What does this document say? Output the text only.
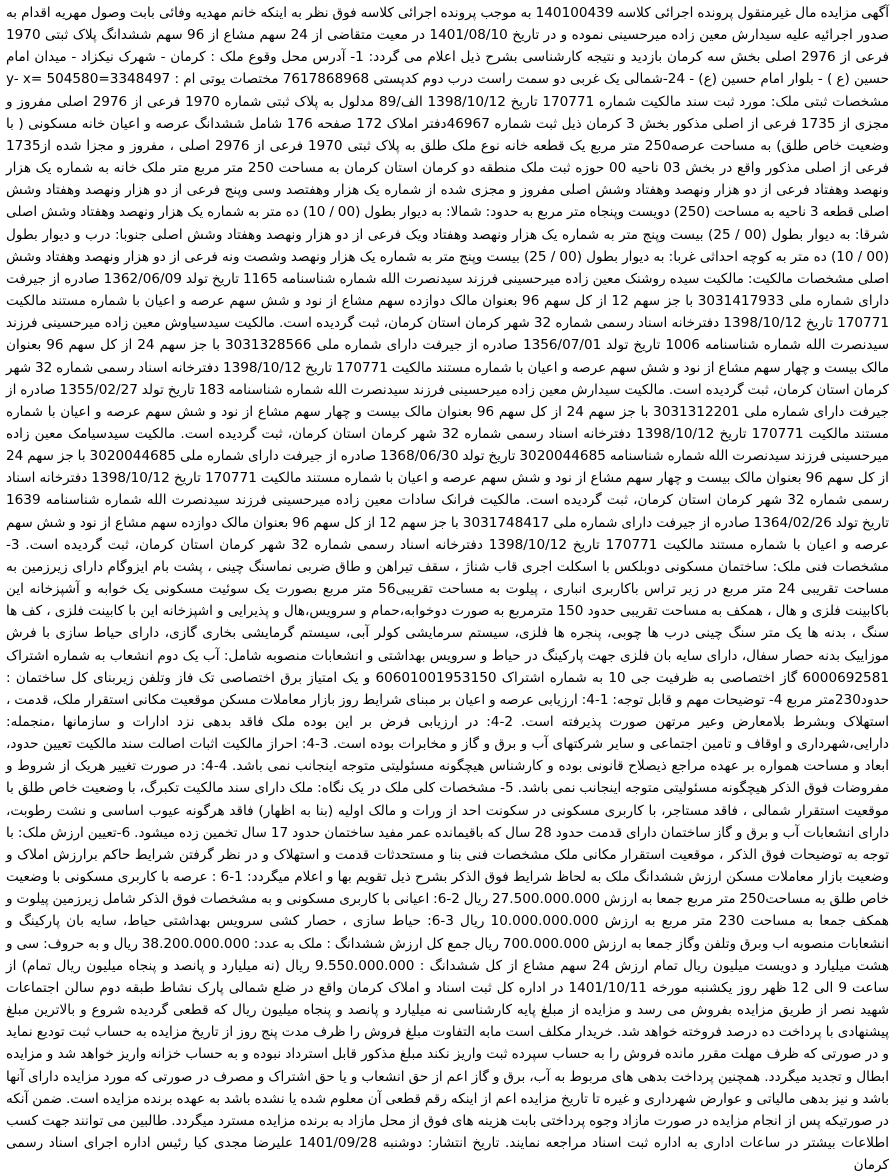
آگهی مزایده مال غیرمنقول پرونده اجرائی کلاسه 140100439 به موجب پرونده اجرائی کلاسه فوق نظر به اینکه خانم مهدیه وفائی بابت وصول مهریه اقدام به صدور اجرائیه علیه سیدارش معین زاده میرحسینی نموده و در تاریخ 1401/08/10 در معیت متقاضی از 24 سهم مشاع از 96 سهم ششدانگ پلاک ثبتی 1970 فرعی از 2976 اصلی بخش سه کرمان بازدید و نتیجه کارشناسی بشرح ذیل اعلام می گردد: 1- آدرس محل وقوع ملک : کرمان - شهرک نیکزاد - میدان امام حسین (ع ) - بلوار امام حسین (ع) - 24-شمالی یک غربی دو سمت راست درب دوم کدپستی 7617868968 مختصات یوتی ام : 3348497=y- x= 504580 مشخصات ثبتی ملک: مورد ثبت سند مالکیت شماره 170771 تاریخ 1398/10/12 الف/89 مدلول به پلاک ثبتی شماره 1970 فرعی از 2976 اصلی مفروز و مجزی از 1735 فرعی از اصلی مذکور بخش 3 کرمان ذیل ثبت شماره 46967دفتر املاک 172 صفحه 176 شامل ششدانگ عرصه و اعیان خانه مسکونی ( با وضعیت خاص طلق) به مساحت عرصه250 متر مربع یک قطعه خانه نوع ملک طلق به پلاک ثبتی 1970 فرعی از 2976 اصلی ، مفروز و مجزا شده از1735 فرعی از اصلی مذکور واقع در بخش 03 ناحیه 00 حوزه ثبت ملک منطقه دو کرمان استان کرمان به مساحت 250 متر مربع متر ملک خانه به شماره یک هزار ونهصد وهفتاد فرعی از دو هزار ونهصد وهفتاد وشش اصلی مفروز و مجزی شده از شماره یک هزار وهفتصد وسی وپنج فرعی از دو هزار ونهصد وهفتاد وشش اصلی قطعه 3 ناحیه به مساحت (250) دویست وپنجاه متر مربع به حدود: شمالا: به دیوار بطول (00 / 10) ده متر به شماره یک هزار ونهصد وهفتاد وشش اصلی شرقا: به دیوار بطول (00 / 25) بیست وپنج متر به شماره یک هزار ونهصد وهفتاد ویک فرعی از دو هزار ونهصد وهفتاد وشش اصلی جنوبا: درب و دیوار بطول (00 / 10) ده متر به کوچه احداثی غربا: به دیوار بطول (00 / 25) بیست وپنج متر به شماره یک هزار ونهصد وشصت ونه فرعی از دو هزار ونهصد وهفتاد وشش اصلی مشخصات مالکیت: مالکیت سیده روشنک معین زاده میرحسینی فرزند سیدنصرت الله شماره شناسنامه 1165 تاریخ تولد 1362/06/09 صادره از جیرفت دارای شماره ملی 3031417933 با جز سهم 12 از کل سهم 96 بعنوان مالک دوازده سهم مشاع از نود و شش سهم عرصه و اعیان با شماره مستند مالکیت 170771 تاریخ 1398/10/12 دفترخانه اسناد رسمی شماره 32 شهر کرمان استان کرمان، ثبت گردیده است. مالکیت سیدسیاوش معین زاده میرحسینی فرزند سیدنصرت الله شماره شناسنامه 1006 تاریخ تولد 1356/07/01 صادره از جیرفت دارای شماره ملی 3031328566 با جز سهم 24 از کل سهم 96 بعنوان مالک بیست و چهار سهم مشاع از نود و شش سهم عرصه و اعیان با شماره مستند مالکیت 170771 تاریخ 1398/10/12 دفترخانه اسناد رسمی شماره 32 شهر کرمان استان کرمان، ثبت گردیده است. مالکیت سیدارش معین زاده میرحسینی فرزند سیدنصرت الله شماره شناسنامه 183 تاریخ تولد 1355/02/27 صادره از جیرفت دارای شماره ملی 3031312201 با جز سهم 24 از کل سهم 96 بعنوان مالک بیست و چهار سهم مشاع از نود و شش سهم عرصه و اعیان با شماره مستند مالکیت 170771 تاریخ 1398/10/12 دفترخانه اسناد رسمی شماره 32 شهر کرمان استان کرمان، ثبت گردیده است. مالکیت سیدسیامک معین زاده میرحسینی فرزند سیدنصرت الله شماره شناسنامه 3020044685 تاریخ تولد 1368/06/30 صادره از جیرفت دارای شماره ملی 3020044685 با جز سهم 24 از کل سهم 96 بعنوان مالک بیست و چهار سهم مشاع از نود و شش سهم عرصه و اعیان با شماره مستند مالکیت 170771 تاریخ 1398/10/12 دفترخانه اسناد رسمی شماره 32 شهر کرمان استان کرمان، ثبت گردیده است. مالکیت فرانک سادات معین زاده میرحسینی فرزند سیدنصرت الله شماره شناسنامه 1639 تاریخ تولد 1364/02/26 صادره از جیرفت دارای شماره ملی 3031748417 با جز سهم 12 از کل سهم 96 بعنوان مالک دوازده سهم مشاع از نود و شش سهم عرصه و اعیان با شماره مستند مالکیت 170771 تاریخ 1398/10/12 دفترخانه اسناد رسمی شماره 32 شهر کرمان استان کرمان، ثبت گردیده است. 3- مشخصات فنی ملک: ساختمان مسکونی دوبلکس با اسکلت اجری قاب شناژ ، سقف تیراهن و طاق ضربی نماسنگ چینی ، پشت بام ایزوگام دارای زیرزمین به مساحت تقریبی 24 متر مربع در زیر تراس باکاربری انباری ، پیلوت به مساحت تقریبی56 متر مربع بصورت یک سوئیت مسکونی یک خوابه و آشپزخانه این باکابینت فلزی و هال ، همکف به مساحت تقریبی حدود 150 مترمربع به صورت دوخوابه،حمام و سرویس،هال و پذیرایی و اشپزخانه این با کابینت فلزی ، کف ها سنگ ، بدنه ها یک متر سنگ چینی درب ها چوبی، پنجره ها فلزی، سیستم سرمایشی کولر آبی، سیستم گرمایشی بخاری گازی، دارای حیاط سازی با فرش موزاییک بدنه حصار سفال، دارای سایه بان فلزی جهت پارکینگ در حیاط و سرویس بهداشتی و انشعابات منصوبه شامل: آب یک دوم انشعاب به شماره اشتراک 6000692581 گاز اختصاصی به ظرفیت جی 10 به شماره اشتراک 60601001953150 و یک امتیاز برق اختصاصی تک فاز وتلفن زیربنای کل ساختمان : حدود230متر مربع 4- توضیحات مهم و قابل توجه: 1-4: ارزیابی عرصه و اعیان بر مبنای شرایط روز بازار معاملات مسکن موقعیت مکانی استقرار ملک، قدمت ، استهلاک وبشرط بلامعارض وعیر مرتهن صورت پذیرفته است. 2-4: در ارزیابی فرض بر این بوده ملک فاقد بدهی نزد ادارات و سازمانها ،منجمله: دارایی،شهرداری و اوقاف و تامین اجتماعی و سایر شرکتهای آب و برق و گاز و مخابرات بوده است. 3-4: احراز مالکیت اثبات اصالت سند مالکیت تعیین حدود، ابعاد و مساحت همواره بر عهده مراجع ذیصلاح قانونی بوده و کارشناس هیچگونه مسئولیتی متوجه اینجانب نمی باشد. 4-4: در صورت تغییر هریک از شروط و مفروضات فوق الذکر هیچگونه مسئولیتی متوجه اینجانب نمی باشد. 5- مشخصات کلی ملک در یک نگاه: ملک دارای سند مالکیت تکبرگ، با وضعیت خاص طلق با موقعیت استقرار شمالی ، فاقد مستاجر، با کاربری مسکونی در سکونت احد از ورات و مالک اولیه (بنا به اظهار) فاقد هرگونه عیوب اساسی و نشت رطوبت، دارای انشعابات آب و برق و گاز ساختمان دارای قدمت حدود 28 سال که باقیمانده عمر مفید ساختمان حدود 17 سال تخمین زده میشود. 6-تعیین ارزش ملک: با توجه به توضیحات فوق الذکر ، موقعیت استقرار مکانی ملک مشخصات فنی بنا و مستحدثات قدمت و استهلاک و در نظر گرفتن شرایط حاکم برارزش املاک و وضعیت بازار معاملات مسکن ارزش ششدانگ ملک به لحاظ شرایط فوق الذکر بشرح ذیل تقویم بها و اعلام میگردد: 1-6 : عرصه با کاربری مسکونی با وضعیت خاص طلق به مساحت250 متر مربع جمعا به ارزش 27.500.000.000 ریال 2-6: اعیانی با کاربری مسکونی و به مشخصات فوق الذکر شامل زیرزمین پیلوت و همکف جمعا به مساحت 230 متر مربع به ارزش 10.000.000.000 ریال 3-6: حیاط سازی ، حصار کشی سرویس بهداشتی حیاط، سایه بان پارکینگ و انشعابات منصوبه اب وبرق وتلفن وگاز جمعا به ارزش 700.000.000 ریال جمع کل ارزش ششدانگ : ملک به عدد: 38.200.000.000 ریال و به حروف: سی و هشت میلیارد و دویست میلیون ریال تمام ارزش 24 سهم مشاع از کل ششدانگ : 9.550.000.000 ریال (نه میلیارد و پانصد و پنجاه میلیون ریال تمام) از ساعت 9 الی 12 ظهر روز یکشنبه مورخه 1401/10/11 در اداره کل ثبت اسناد و املاک کرمان واقع در ضلع شمالی پارک نشاط طبقه دوم سالن اجتماعات شهید نصر از طریق مزایده بفروش می رسد و مزایده از مبلغ پایه کارشناسی نه میلیارد و پانصد و پنجاه میلیون ریال که قطعی گردیده شروع و بالاترین مبلغ پیشنهادی با پرداخت ده درصد فروخته خواهد شد. خریدار مکلف است مابه التفاوت مبلغ فروش را ظرف مدت پنج روز از تاریخ مزایده به حساب ثبت تودیع نماید و در صورتی که ظرف مهلت مقرر مانده فروش را به حساب سپرده ثبت واریز نکند مبلغ مذکور قابل استرداد نبوده و به حساب خزانه واریز خواهد شد و مزایده ابطال و تجدید میگردد. همچنین پرداخت بدهی های مربوط به آب، برق و گاز اعم از حق انشعاب و یا حق اشتراک و مصرف در صورتی که مورد مزایده دارای آنها باشد و نیز بدهی مالیاتی و عوارض شهرداری و غیره تا تاریخ مزایده اعم از اینکه رقم قطعی آن معلوم شده یا نشده باشد به عهده برنده مزایده است. ضمن آنکه در صورتیکه پس از انجام مزایده در صورت مازاد وجوه پرداختی بابت هزینه های فوق از محل مازاد به برنده مزایده مسترد میگردد. طالبین می توانند جهت کسب اطلاعات بیشتر در ساعات اداری به اداره ثبت اسناد مراجعه نمایند. تاریخ انتشار: دوشنبه 1401/09/28 علیرضا مجدی کیا رئیس اداره اجرای اسناد رسمی کرمان
